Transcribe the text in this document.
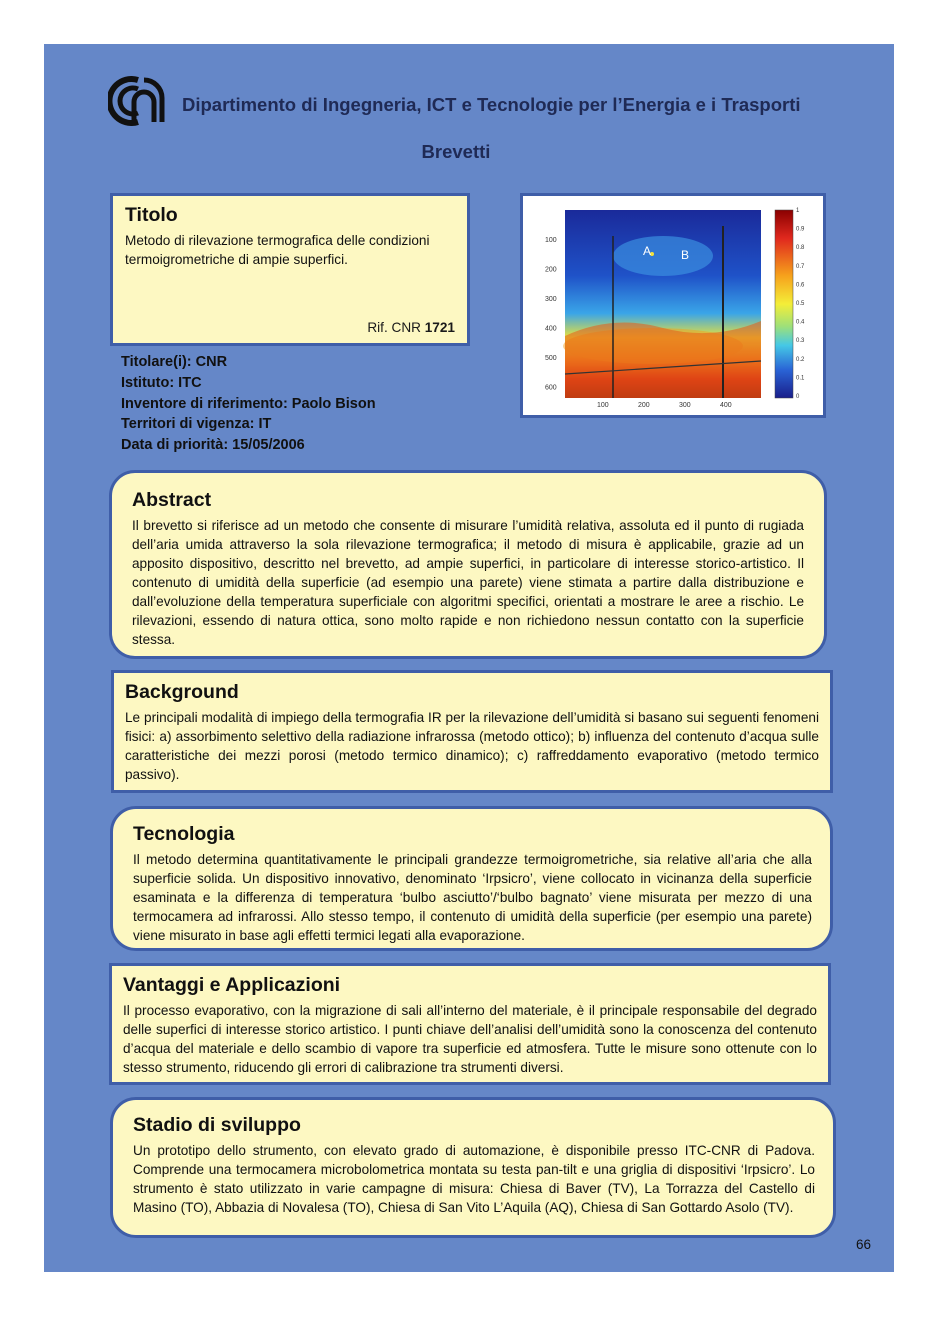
Dipartimento di Ingegneria, ICT e Tecnologie per l’Energia e i Trasporti
Brevetti
Titolo

Metodo di rilevazione termografica delle condizioni termoigrometriche di ampie superfici.

Rif. CNR 1721
Titolare(i): CNR
Istituto: ITC
Inventore di riferimento: Paolo Bison
Territori di vigenza: IT
Data di priorità: 15/05/2006
A B
100
200
300
400
500
600
100	200	300	400
1
0.9
0.8
0.7
0.6
0.5
0.4
0.3
0.2
0.1
0
Abstract

Il brevetto si riferisce ad un metodo che consente di misurare l’umidità relativa, assoluta ed il punto di rugiada dell’aria umida attraverso la sola rilevazione termografica; il metodo di misura è applicabile, grazie ad un apposito dispositivo, descritto nel brevetto, ad ampie superfici, in particolare di interesse storico-artistico. Il contenuto di umidità della superficie (ad esempio una parete) viene stimata a partire dalla distribuzione e dall’evoluzione della temperatura superficiale con algoritmi specifici, orientati a mostrare le aree a rischio. Le rilevazioni, essendo di natura ottica, sono molto rapide e non richiedono nessun contatto con la superficie stessa.

Background

Le principali modalità di impiego della termografia IR per la rilevazione dell’umidità si basano sui seguenti fenomeni fisici: a) assorbimento selettivo della radiazione infrarossa (metodo ottico); b) influenza del contenuto d’acqua sulle caratteristiche dei mezzi porosi (metodo termico dinamico); c) raffreddamento evaporativo (metodo termico passivo).

Tecnologia

Il metodo determina quantitativamente le principali grandezze termoigrometriche, sia relative all’aria che alla superficie solida. Un dispositivo innovativo, denominato ‘Irpsicro’, viene collocato in vicinanza della superficie esaminata e la differenza di temperatura ‘bulbo asciutto’/‘bulbo bagnato’ viene misurata per mezzo di una termocamera ad infrarossi. Allo stesso tempo, il contenuto di umidità della superficie (per esempio una parete) viene misurato in base agli effetti termici legati alla evaporazione.

Vantaggi e Applicazioni

Il processo evaporativo, con la migrazione di sali all’interno del materiale, è il principale responsabile del degrado delle superfici di interesse storico artistico. I punti chiave dell’analisi dell’umidità sono la conoscenza del contenuto d’acqua del materiale e dello scambio di vapore tra superficie ed atmosfera. Tutte le misure sono ottenute con lo stesso strumento, riducendo gli errori di calibrazione tra strumenti diversi.

Stadio di sviluppo

Un prototipo dello strumento, con elevato grado di automazione, è disponibile presso ITC-CNR di Padova. Comprende una termocamera microbolometrica montata su testa pan-tilt e una griglia di dispositivi ‘Irpsicro’. Lo strumento è stato utilizzato in varie campagne di misura: Chiesa di Baver (TV), La Torrazza del Castello di Masino (TO), Abbazia di Novalesa (TO), Chiesa di San Vito L’Aquila (AQ), Chiesa di San Gottardo Asolo (TV).

66
